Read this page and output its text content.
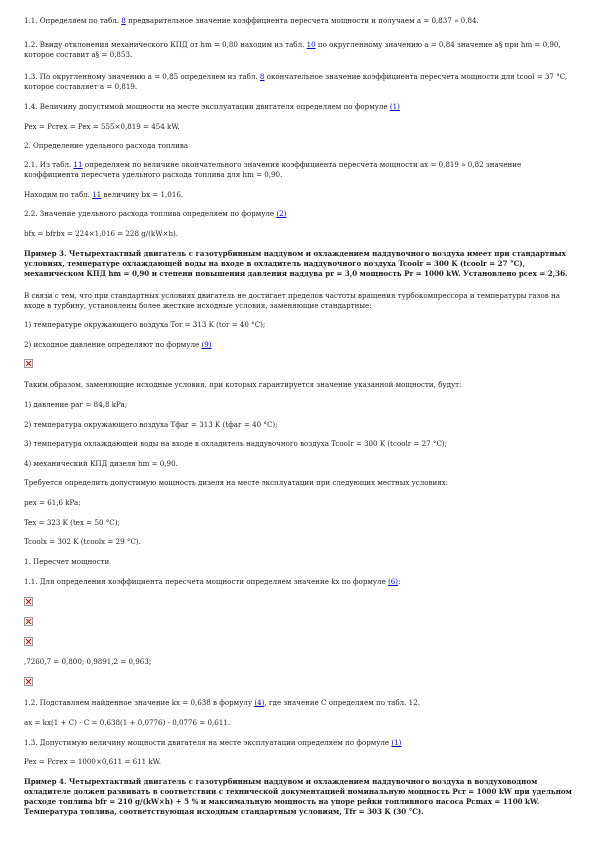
1.1. Определяем по табл. 8 предварительное значение коэффициента пересчета мощности и получаем a = 0,837 » 0,84.
1.2. Ввиду отклонения механического КПД от hm = 0,80 находим из табл. 10 по округленному значению a = 0,84 значение a§ при hm = 0,90, которое составит a§ = 0,853.
1.3. По округленному значению a = 0,85 определяем из табл. 8 окончательное значение коэффициента пересчета мощности для tcool = 37 °C, которое составляет a = 0,819.
1.4. Величину допустимой мощности на месте эксплуатации двигателя определяем по формуле (1)
Pex = Pcrex = Pex = 555×0,819 = 454 kW.
2. Определение удельного расхода топлива
2.1. Из табл. 11 определяем по величине окончательного значения коэффициента пересчета мощности ax = 0,819 » 0,82 значение коэффициента пересчета удельного расхода топлива для hm = 0,90.
Находим по табл. 11 величину bx = 1,016.
2.2. Значение удельного расхода топлива определяем по формуле (2)
bfx = bfrbx = 224×1,016 = 228 g/(kW×h).
Пример 3. Четырехтактный двигатель с газотурбинным наддувом и охлаждением наддувочного воздуха имеет при стандартных условиях, температуре охлаждающей воды на входе в охладитель наддувочного воздуха Tcoolr = 300 K (tcoolr = 27 °C), механическом КПД hm = 0,90 и степени повышения давления наддува pr = 3,0 мощность Pr = 1000 kW. Установлено pcex = 2,36.
В связи с тем, что при стандартных условиях двигатель не достигает пределов частоты вращения турбокомпрессора и температуры газов на входе в турбину, установлены более жесткие исходные условия, заменяющие стандартные:
1) температуре окружающего воздуха Tor = 313 K (tor = 40 °C);
2) исходное давление определяют по формуле (9)
Таким образом, заменяющие исходные условия, при которых гарантируется значение указанной мощности, будут:
1) давление pаг = 84,8 kPa;
2) температура окружающего воздуха Tфаг = 313 K (tфаг = 40 °C);
3) температура охлаждающей воды на входе в охладитель наддувочного воздуха Tcoolr = 300 K (tcoolr = 27 °C);
4) механический КПД дизеля hm = 0,90.
Требуется определить допустимую мощность дизеля на месте эксплуатации при следующих местных условиях:
pex = 61,6 kPa;
Tex = 323 K (tex = 50 °C);
Tcoolx = 302 K (tcoolx = 29 °C).
1. Пересчет мощности
1.1. Для определения коэффициента пересчета мощности определяем значение kx по формуле (6):
,7260,7 = 0,800; 0,9891,2 = 0,963;
1.2. Подставляем найденное значение kx = 0,638 в формулу (4), где значение C определяем по табл. 12.
ax = kx(1 + C) - C = 0,638(1 + 0,0776) - 0,0776 = 0,611.
1.3. Допустимую величину мощности двигателя на месте эксплуатации определяем по формуле (1)
Pex = Pcrex = 1000×0,611 = 611 kW.
Пример 4. Четырехтактный двигатель с газотурбинным наддувом и охлаждением наддувочного воздуха в воздуховодном охладителе должен развивать в соответствии с технической документацией номинальную мощность Pcr = 1000 kW при удельном расходе топлива bfr = 210 g/(kW×h) + 5 % и максимальную мощность на упоре рейки топливного насоса Pcmax = 1100 kW. Температура топлива, соответствующая исходным стандартным условиям, Tfr = 303 K (30 °C).
